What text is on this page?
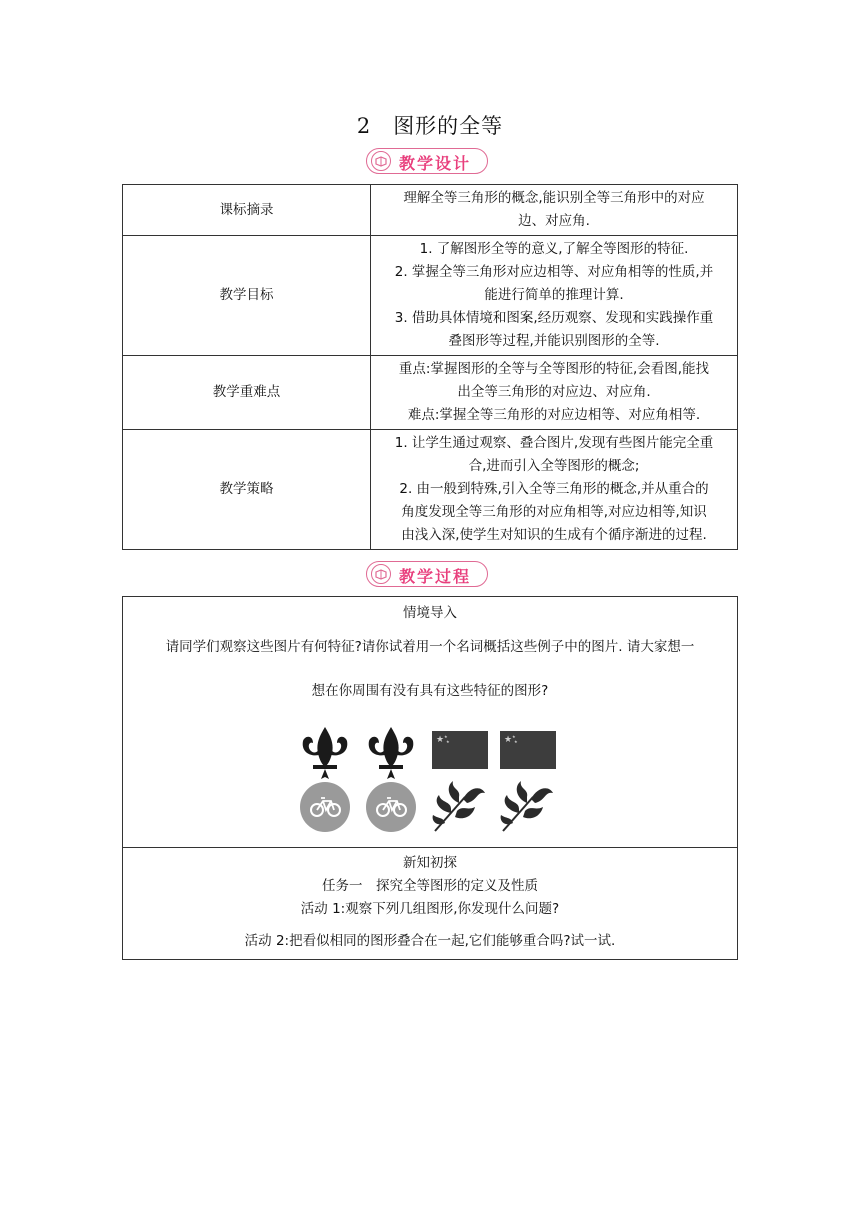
2 图形的全等
教学设计
课标摘录	理解全等三角形的概念,能识别全等三角形中的对应
边、对应角.

教学目标	1. 了解图形全等的意义,了解全等图形的特征.
2. 掌握全等三角形对应边相等、对应角相等的性质,并
能进行简单的推理计算.
3. 借助具体情境和图案,经历观察、发现和实践操作重
叠图形等过程,并能识别图形的全等.

教学重难点	重点:掌握图形的全等与全等图形的特征,会看图,能找
出全等三角形的对应边、对应角.
难点:掌握全等三角形的对应边相等、对应角相等.

教学策略	1. 让学生通过观察、叠合图片,发现有些图片能完全重
合,进而引入全等图形的概念;
2. 由一般到特殊,引入全等三角形的概念,并从重合的
角度发现全等三角形的对应角相等,对应边相等,知识
由浅入深,使学生对知识的生成有个循序渐进的过程.
教学过程
情境导入
请同学们观察这些图片有何特征?请你试着用一个名词概括这些例子中的图片. 请大家想一
想在你周围有没有具有这些特征的图形?
★ ★
★	★ ★
★
新知初探
任务一　探究全等图形的定义及性质
活动 1:观察下列几组图形,你发现什么问题?
活动 2:把看似相同的图形叠合在一起,它们能够重合吗?试一试.
